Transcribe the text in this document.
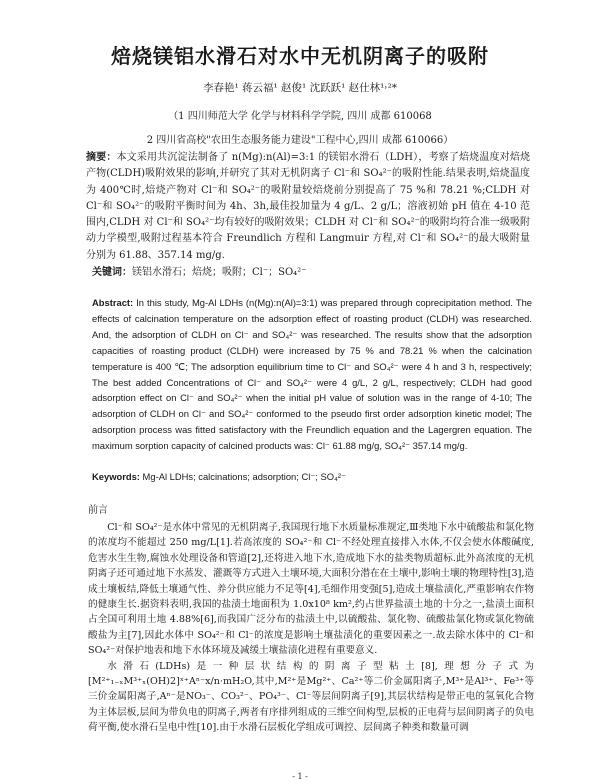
焙烧镁铝水滑石对水中无机阴离子的吸附
李春艳¹ 蒋云福¹ 赵俊¹ 沈跃跃¹ 赵仕林¹˒²*
（1 四川师范大学 化学与材料科学学院, 四川 成都 610068
2 四川省高校"农田生态服务能力建设"工程中心,四川 成都 610066）
摘要：本文采用共沉淀法制备了 n(Mg):n(Al)=3:1 的镁铝水滑石（LDH），考察了焙烧温度对焙烧产物(CLDH)吸附效果的影响,并研究了其对无机阴离子 Cl⁻和 SO₄²⁻的吸附性能.结果表明,焙烧温度为 400℃时,焙烧产物对 Cl⁻和 SO₄²⁻的吸附量较焙烧前分别提高了 75 %和 78.21 %;CLDH 对 Cl⁻和 SO₄²⁻的吸附平衡时间为 4h、3h,最佳投加量为 4 g/L、2 g/L；溶液初始 pH 值在 4-10 范围内,CLDH 对 Cl⁻和 SO₄²⁻均有较好的吸附效果；CLDH 对 Cl⁻和 SO₄²⁻的吸附均符合准一级吸附动力学模型,吸附过程基本符合 Freundlich 方程和 Langmuir 方程,对 Cl⁻和 SO₄²⁻的最大吸附量分别为 61.88、357.14 mg/g.
关键词：镁铝水滑石；焙烧；吸附；Cl⁻；SO₄²⁻
Abstract: In this study, Mg-Al LDHs (n(Mg):n(Al)=3:1) was prepared through coprecipitation method. The effects of calcination temperature on the adsorption effect of roasting product (CLDH) was researched. And, the adsorption of CLDH on Cl⁻ and SO₄²⁻ was researched. The results show that the adsorption capacities of roasting product (CLDH) were increased by 75 % and 78.21 % when the calcination temperature is 400 ℃; The adsorption equilibrium time to Cl⁻ and SO₄²⁻ were 4 h and 3 h, respectively; The best added Concentrations of Cl⁻ and SO₄²⁻ were 4 g/L, 2 g/L, respectively; CLDH had good adsorption effect on Cl⁻ and SO₄²⁻ when the initial pH value of solution was in the range of 4-10; The adsorption of CLDH on Cl⁻ and SO₄²⁻ conformed to the pseudo first order adsorption kinetic model; The adsorption process was fitted satisfactory with the Freundlich equation and the Lagergren equation. The maximum sorption capacity of calcined products was: Cl⁻ 61.88 mg/g, SO₄²⁻ 357.14 mg/g.
Keywords: Mg-Al LDHs; calcinations; adsorption; Cl⁻; SO₄²⁻
前言

Cl⁻和 SO₄²⁻是水体中常见的无机阴离子,我国现行地下水质量标准规定,Ⅲ类地下水中硫酸盐和氯化物的浓度均不能超过 250 mg/L[1].若高浓度的 SO₄²⁻和 Cl⁻不经处理直接排入水体,不仅会使水体酸碱度,危害水生生物,腐蚀水处理设备和管道[2],还将进入地下水,造成地下水的盐类物质超标.此外高浓度的无机阴离子还可通过地下水蒸发、灌溉等方式进入土壤环境,大面积分潜在在土壤中,影响土壤的物理特性[3],造成土壤板结,降低土壤通气性、养分供应能力不足等[4],毛细作用变强[5],造成土壤盐渍化,严重影响农作物的健康生长.据资料表明,我国的盐渍土地面积为 1.0x10⁸ km²,约占世界盐渍土地的十分之一,盐渍土面积占全国可利用土地 4.88%[6],而我国广泛分布的盐渍土中,以硫酸盐、氯化物、硫酸盐氯化物或氯化物硫酸盐为主[7],因此水体中 SO₄²⁻和 Cl⁻的浓度是影响土壤盐渍化的重要因素之一.故去除水体中的 Cl⁻和 SO₄²⁻对保护地表和地下水体环境及减缓土壤盐渍化进程有重要意义.

水滑石(LDHs)是一种层状结构的阴离子型粘土[8],理想分子式为 [M²⁺₁₋ₓM³⁺ₓ(OH)2]ˣ⁺Aⁿ⁻x/n·mH₂O,其中,M²⁺是Mg²⁺、Ca²⁺等二价金属阳离子,M³⁺是Al³⁺、Fe³⁺等三价金属阳离子,Aⁿ⁻是NO₃⁻、CO₃²⁻、PO₄³⁻、Cl⁻等层间阴离子[9],其层状结构是带正电的氢氧化合物为主体层板,层间为带负电的阴离子,两者有序排列组成的三维空间构型,层板的正电荷与层间阴离子的负电荷平衡,使水滑石呈电中性[10].由于水滑石层板化学组成可调控、层间离子种类和数量可调

- 1 -
